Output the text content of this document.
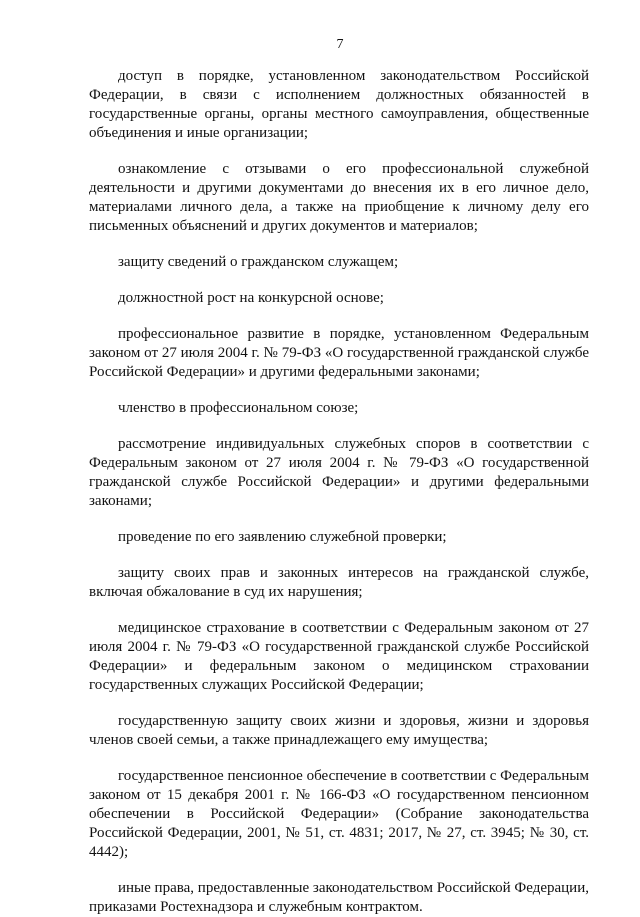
7

доступ в порядке, установленном законодательством Российской Федерации, в связи с исполнением должностных обязанностей в государственные органы, органы местного самоуправления, общественные объединения и иные организации;

ознакомление с отзывами о его профессиональной служебной деятельности и другими документами до внесения их в его личное дело, материалами личного дела, а также на приобщение к личному делу его письменных объяснений и других документов и материалов;

защиту сведений о гражданском служащем;

должностной рост на конкурсной основе;

профессиональное развитие в порядке, установленном Федеральным законом от 27 июля 2004 г. № 79-ФЗ «О государственной гражданской службе Российской Федерации» и другими федеральными законами;

членство в профессиональном союзе;

рассмотрение индивидуальных служебных споров в соответствии с Федеральным законом от 27 июля 2004 г. № 79-ФЗ «О государственной гражданской службе Российской Федерации» и другими федеральными законами;

проведение по его заявлению служебной проверки;

защиту своих прав и законных интересов на гражданской службе, включая обжалование в суд их нарушения;

медицинское страхование в соответствии с Федеральным законом от 27 июля 2004 г. № 79-ФЗ «О государственной гражданской службе Российской Федерации» и федеральным законом о медицинском страховании государственных служащих Российской Федерации;

государственную защиту своих жизни и здоровья, жизни и здоровья членов своей семьи, а также принадлежащего ему имущества;

государственное пенсионное обеспечение в соответствии с Федеральным законом от 15 декабря 2001 г. № 166-ФЗ «О государственном пенсионном обеспечении в Российской Федерации» (Собрание законодательства Российской Федерации, 2001, № 51, ст. 4831; 2017, № 27, ст. 3945; № 30, ст. 4442);

иные права, предоставленные законодательством Российской Федерации, приказами Ростехнадзора и служебным контрактом.
